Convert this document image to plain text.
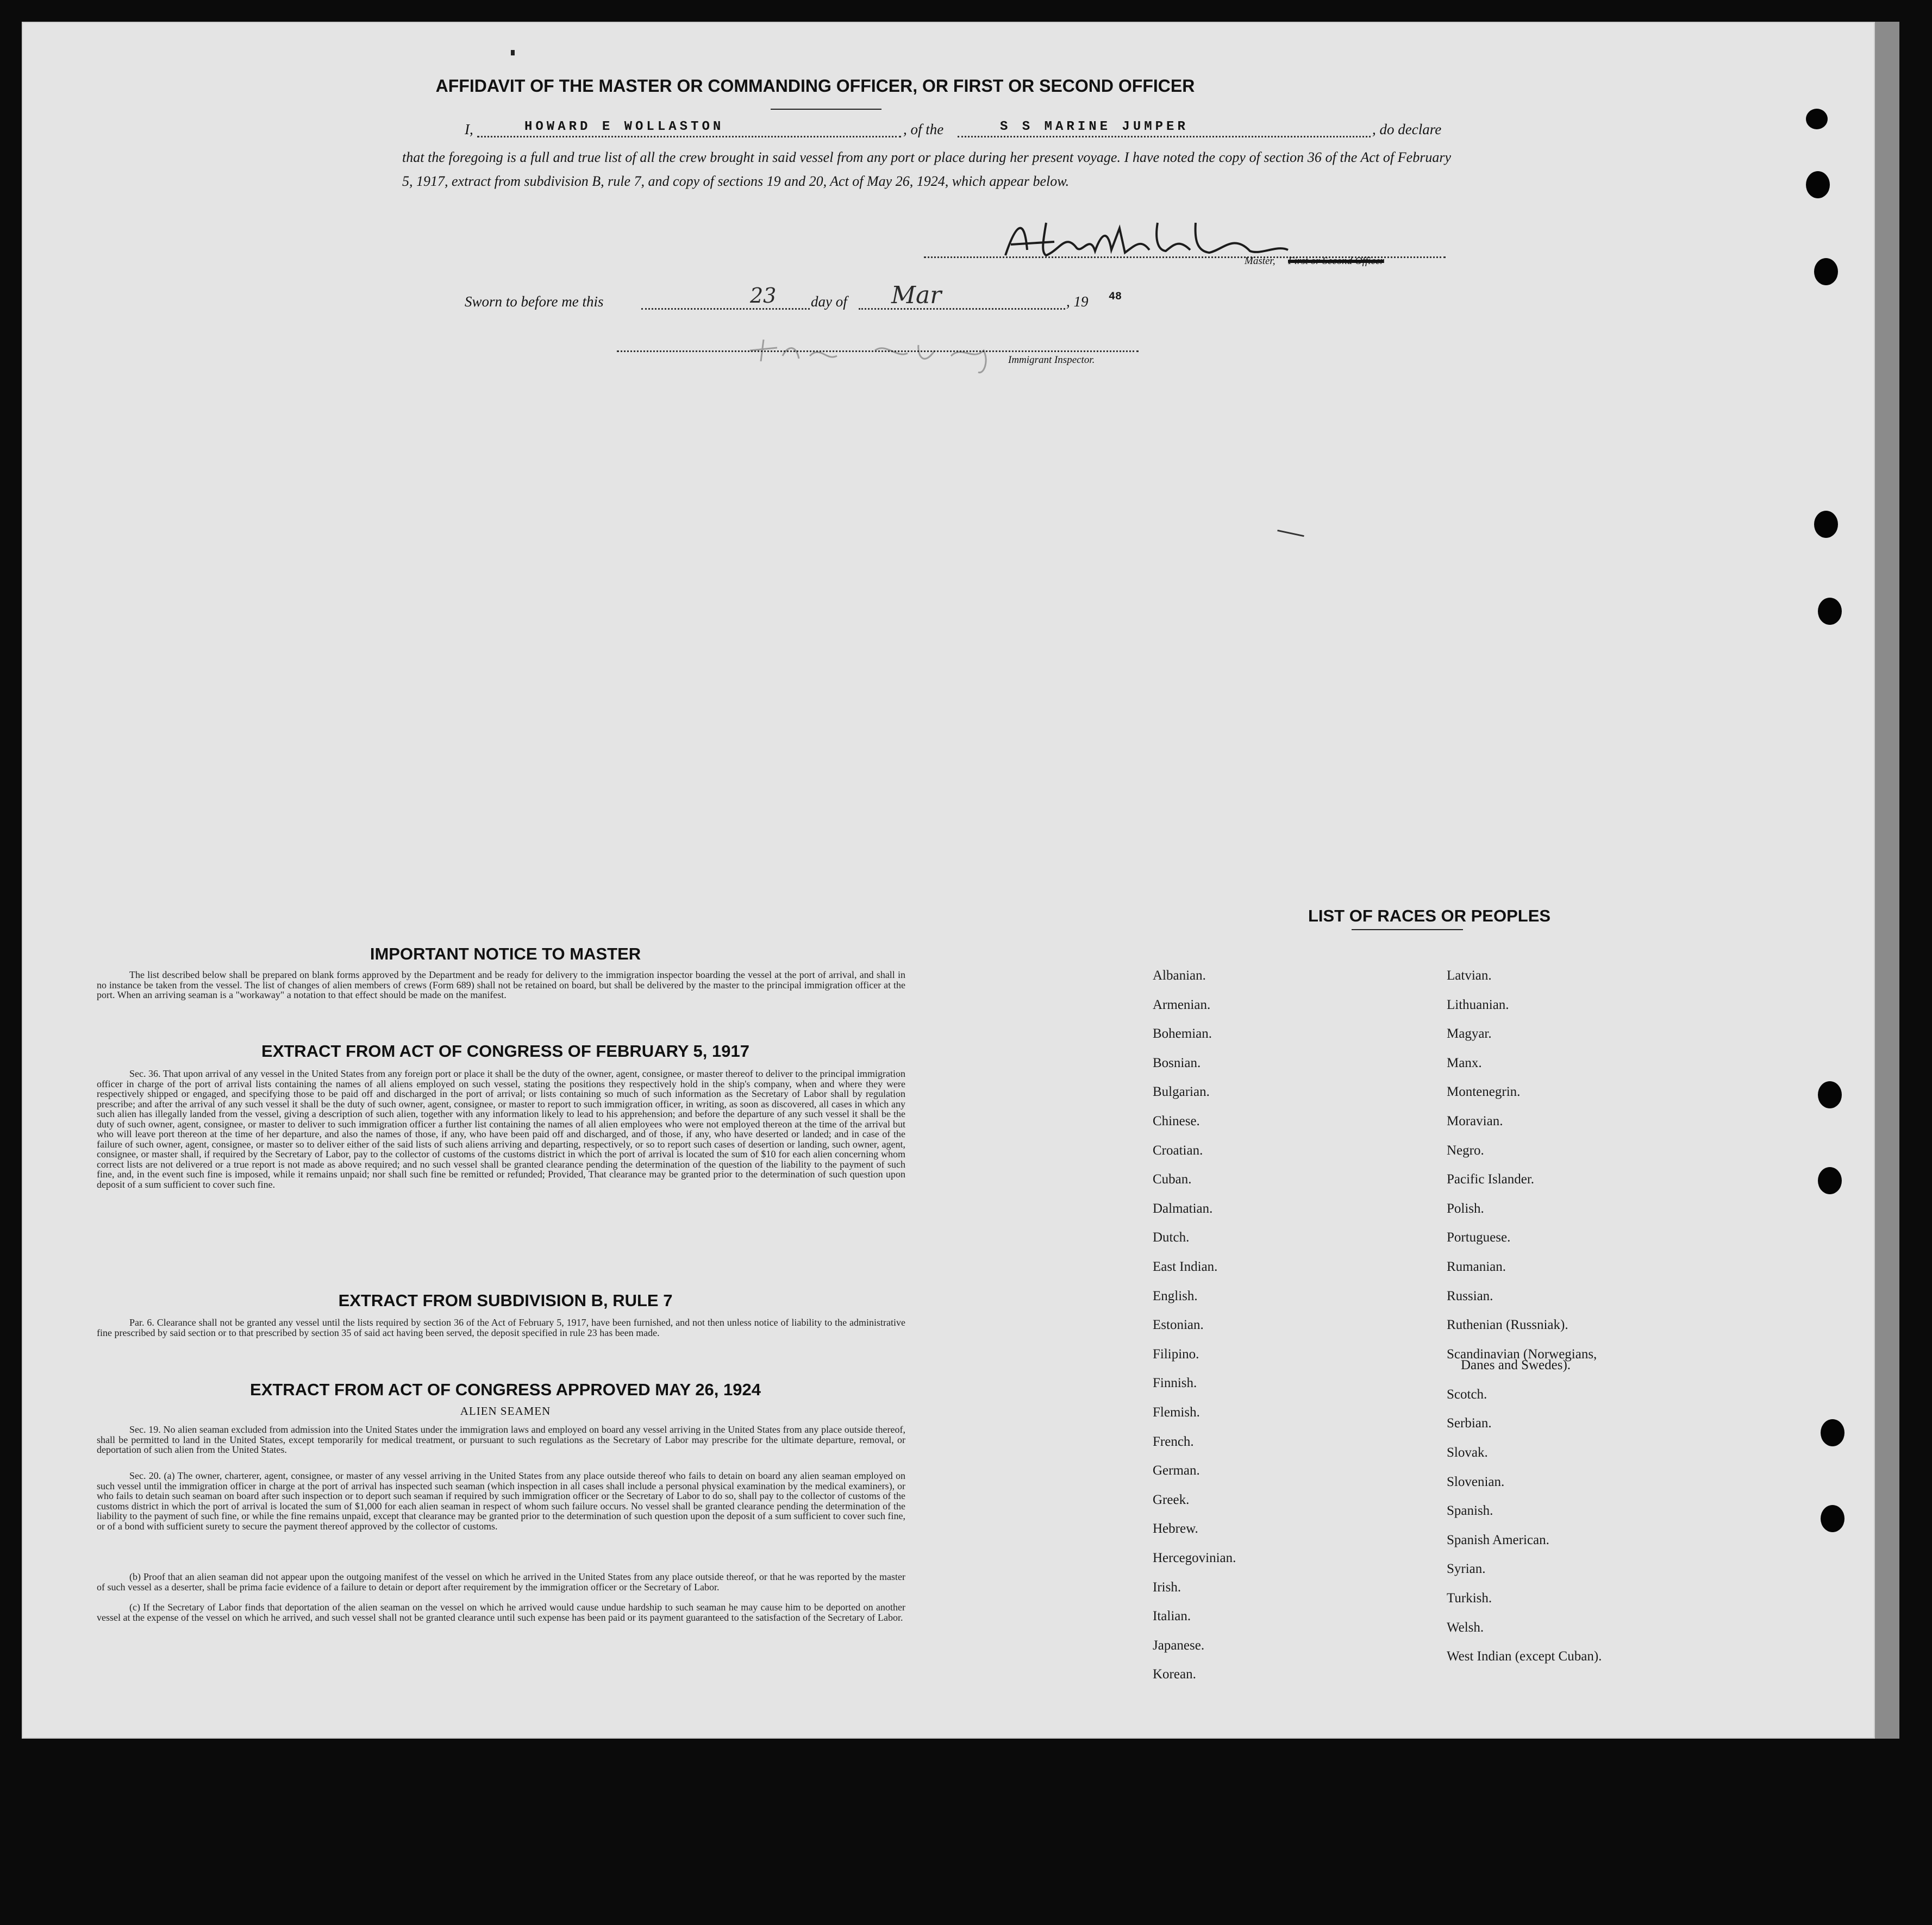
AFFIDAVIT OF THE MASTER OR COMMANDING OFFICER, OR FIRST OR SECOND OFFICER
I,	HOWARD E WOLLASTON	, of the	S S MARINE JUMPER	, do declare
that the foregoing is a full and true list of all the crew brought in said vessel from any port or place during her present voyage. I have noted the copy of section 36 of the Act of February 5, 1917, extract from subdivision B, rule 7, and copy of sections 19 and 20, Act of May 26, 1924, which appear below.
Master, First or Second Officer
Sworn to before me this	23 day of Mar	, 19 48
Immigrant Inspector.
IMPORTANT NOTICE TO MASTER
The list described below shall be prepared on blank forms approved by the Department and be ready for delivery to the immigration inspector boarding the vessel at the port of arrival, and shall in no instance be taken from the vessel. The list of changes of alien members of crews (Form 689) shall not be retained on board, but shall be delivered by the master to the principal immigration officer at the port. When an arriving seaman is a "workaway" a notation to that effect should be made on the manifest.
EXTRACT FROM ACT OF CONGRESS OF FEBRUARY 5, 1917
Sec. 36. That upon arrival of any vessel in the United States from any foreign port or place it shall be the duty of the owner, agent, consignee, or master thereof to deliver to the principal immigration officer in charge of the port of arrival lists containing the names of all aliens employed on such vessel, stating the positions they respectively hold in the ship's company, when and where they were respectively shipped or engaged, and specifying those to be paid off and discharged in the port of arrival; or lists containing so much of such information as the Secretary of Labor shall by regulation prescribe; and after the arrival of any such vessel it shall be the duty of such owner, agent, consignee, or master to report to such immigration officer, in writing, as soon as discovered, all cases in which any such alien has illegally landed from the vessel, giving a description of such alien, together with any information likely to lead to his apprehension; and before the departure of any such vessel it shall be the duty of such owner, agent, consignee, or master to deliver to such immigration officer a further list containing the names of all alien employees who were not employed thereon at the time of the arrival but who will leave port thereon at the time of her departure, and also the names of those, if any, who have been paid off and discharged, and of those, if any, who have deserted or landed; and in case of the failure of such owner, agent, consignee, or master so to deliver either of the said lists of such aliens arriving and departing, respectively, or so to report such cases of desertion or landing, such owner, agent, consignee, or master shall, if required by the Secretary of Labor, pay to the collector of customs of the customs district in which the port of arrival is located the sum of $10 for each alien concerning whom correct lists are not delivered or a true report is not made as above required; and no such vessel shall be granted clearance pending the determination of the question of the liability to the payment of such fine, and, in the event such fine is imposed, while it remains unpaid; nor shall such fine be remitted or refunded; Provided, That clearance may be granted prior to the determination of such question upon deposit of a sum sufficient to cover such fine.
EXTRACT FROM SUBDIVISION B, RULE 7
Par. 6. Clearance shall not be granted any vessel until the lists required by section 36 of the Act of February 5, 1917, have been furnished, and not then unless notice of liability to the administrative fine prescribed by said section or to that prescribed by section 35 of said act having been served, the deposit specified in rule 23 has been made.
EXTRACT FROM ACT OF CONGRESS APPROVED MAY 26, 1924
ALIEN SEAMEN
Sec. 19. No alien seaman excluded from admission into the United States under the immigration laws and employed on board any vessel arriving in the United States from any place outside thereof, shall be permitted to land in the United States, except temporarily for medical treatment, or pursuant to such regulations as the Secretary of Labor may prescribe for the ultimate departure, removal, or deportation of such alien from the United States.
Sec. 20. (a) The owner, charterer, agent, consignee, or master of any vessel arriving in the United States from any place outside thereof who fails to detain on board any alien seaman employed on such vessel until the immigration officer in charge at the port of arrival has inspected such seaman (which inspection in all cases shall include a personal physical examination by the medical examiners), or who fails to detain such seaman on board after such inspection or to deport such seaman if required by such immigration officer or the Secretary of Labor to do so, shall pay to the collector of customs of the customs district in which the port of arrival is located the sum of $1,000 for each alien seaman in respect of whom such failure occurs. No vessel shall be granted clearance pending the determination of the liability to the payment of such fine, or while the fine remains unpaid, except that clearance may be granted prior to the determination of such question upon the deposit of a sum sufficient to cover such fine, or of a bond with sufficient surety to secure the payment thereof approved by the collector of customs.
(b) Proof that an alien seaman did not appear upon the outgoing manifest of the vessel on which he arrived in the United States from any place outside thereof, or that he was reported by the master of such vessel as a deserter, shall be prima facie evidence of a failure to detain or deport after requirement by the immigration officer or the Secretary of Labor.
(c) If the Secretary of Labor finds that deportation of the alien seaman on the vessel on which he arrived would cause undue hardship to such seaman he may cause him to be deported on another vessel at the expense of the vessel on which he arrived, and such vessel shall not be granted clearance until such expense has been paid or its payment guaranteed to the satisfaction of the Secretary of Labor.
LIST OF RACES OR PEOPLES
Albanian.
Armenian.
Bohemian.
Bosnian.
Bulgarian.
Chinese.
Croatian.
Cuban.
Dalmatian.
Dutch.
East Indian.
English.
Estonian.
Filipino.
Finnish.
Flemish.
French.
German.
Greek.
Hebrew.
Hercegovinian.
Irish.
Italian.
Japanese.
Korean.
Latvian.
Lithuanian.
Magyar.
Manx.
Montenegrin.
Moravian.
Negro.
Pacific Islander.
Polish.
Portuguese.
Rumanian.
Russian.
Ruthenian (Russniak).
Scandinavian (Norwegians,
Danes and Swedes).
Scotch.
Serbian.
Slovak.
Slovenian.
Spanish.
Spanish American.
Syrian.
Turkish.
Welsh.
West Indian (except Cuban).
